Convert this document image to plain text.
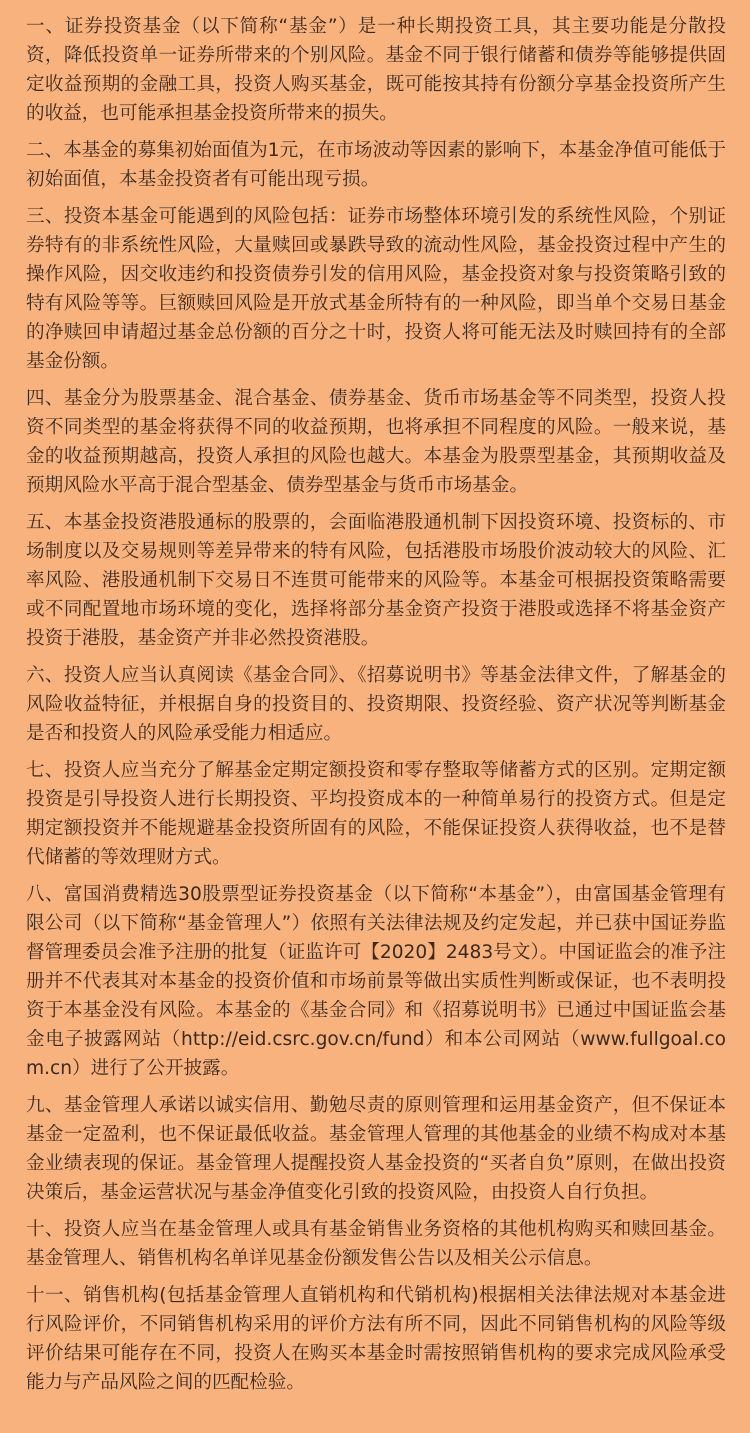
一、证券投资基金（以下简称“基金”）是一种长期投资工具，其主要功能是分散投资，降低投资单一证券所带来的个别风险。基金不同于银行储蓄和债券等能够提供固定收益预期的金融工具，投资人购买基金，既可能按其持有份额分享基金投资所产生的收益，也可能承担基金投资所带来的损失。

二、本基金的募集初始面值为1元，在市场波动等因素的影响下，本基金净值可能低于初始面值，本基金投资者有可能出现亏损。

三、投资本基金可能遇到的风险包括：证券市场整体环境引发的系统性风险，个别证券特有的非系统性风险，大量赎回或暴跌导致的流动性风险，基金投资过程中产生的操作风险，因交收违约和投资债券引发的信用风险，基金投资对象与投资策略引致的特有风险等等。巨额赎回风险是开放式基金所特有的一种风险，即当单个交易日基金的净赎回申请超过基金总份额的百分之十时，投资人将可能无法及时赎回持有的全部基金份额。

四、基金分为股票基金、混合基金、债券基金、货币市场基金等不同类型，投资人投资不同类型的基金将获得不同的收益预期，也将承担不同程度的风险。一般来说，基金的收益预期越高，投资人承担的风险也越大。本基金为股票型基金，其预期收益及预期风险水平高于混合型基金、债券型基金与货币市场基金。

五、本基金投资港股通标的股票的，会面临港股通机制下因投资环境、投资标的、市场制度以及交易规则等差异带来的特有风险，包括港股市场股价波动较大的风险、汇率风险、港股通机制下交易日不连贯可能带来的风险等。本基金可根据投资策略需要或不同配置地市场环境的变化，选择将部分基金资产投资于港股或选择不将基金资产投资于港股，基金资产并非必然投资港股。

六、投资人应当认真阅读《基金合同》、《招募说明书》等基金法律文件，了解基金的风险收益特征，并根据自身的投资目的、投资期限、投资经验、资产状况等判断基金是否和投资人的风险承受能力相适应。

七、投资人应当充分了解基金定期定额投资和零存整取等储蓄方式的区别。定期定额投资是引导投资人进行长期投资、平均投资成本的一种简单易行的投资方式。但是定期定额投资并不能规避基金投资所固有的风险，不能保证投资人获得收益，也不是替代储蓄的等效理财方式。

八、富国消费精选30股票型证券投资基金（以下简称“本基金”），由富国基金管理有限公司（以下简称“基金管理人”）依照有关法律法规及约定发起，并已获中国证券监督管理委员会准予注册的批复（证监许可【2020】2483号文）。中国证监会的准予注册并不代表其对本基金的投资价值和市场前景等做出实质性判断或保证，也不表明投资于本基金没有风险。本基金的《基金合同》和《招募说明书》已通过中国证监会基金电子披露网站（http://eid.csrc.gov.cn/fund）和本公司网站（www.fullgoal.com.cn）进行了公开披露。

九、基金管理人承诺以诚实信用、勤勉尽责的原则管理和运用基金资产，但不保证本基金一定盈利，也不保证最低收益。基金管理人管理的其他基金的业绩不构成对本基金业绩表现的保证。基金管理人提醒投资人基金投资的“买者自负”原则，在做出投资决策后，基金运营状况与基金净值变化引致的投资风险，由投资人自行负担。

十、投资人应当在基金管理人或具有基金销售业务资格的其他机构购买和赎回基金。基金管理人、销售机构名单详见基金份额发售公告以及相关公示信息。

十一、销售机构(包括基金管理人直销机构和代销机构)根据相关法律法规对本基金进行风险评价，不同销售机构采用的评价方法有所不同，因此不同销售机构的风险等级评价结果可能存在不同，投资人在购买本基金时需按照销售机构的要求完成风险承受能力与产品风险之间的匹配检验。
